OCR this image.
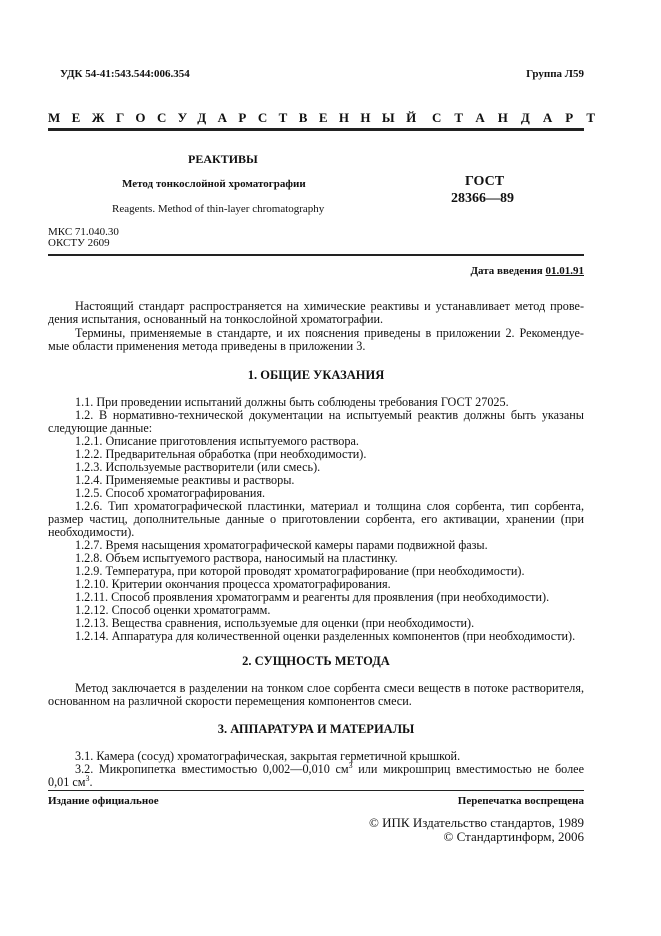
УДК 54-41:543.544:006.354	Группа Л59
МЕЖГОСУДАРСТВЕННЫЙ СТАНДАРТ
РЕАКТИВЫ
Метод тонкослойной хроматографии
Reagents. Method of thin-layer chromatography
ГОСТ
28366—89
МКС 71.040.30
ОКСТУ 2609
Дата введения 01.01.91
Настоящий стандарт распространяется на химические реактивы и устанавливает метод прове-дения испытания, основанный на тонкослойной хроматографии.
Термины, применяемые в стандарте, и их пояснения приведены в приложении 2. Рекомендуе-мые области применения метода приведены в приложении 3.
1. ОБЩИЕ УКАЗАНИЯ
1.1. При проведении испытаний должны быть соблюдены требования ГОСТ 27025.
1.2. В нормативно-технической документации на испытуемый реактив должны быть указаны следующие данные:
1.2.1. Описание приготовления испытуемого раствора.
1.2.2. Предварительная обработка (при необходимости).
1.2.3. Используемые растворители (или смесь).
1.2.4. Применяемые реактивы и растворы.
1.2.5. Способ хроматографирования.
1.2.6. Тип хроматографической пластинки, материал и толщина слоя сорбента, тип сорбента, размер частиц, дополнительные данные о приготовлении сорбента, его активации, хранении (при необходимости).
1.2.7. Время насыщения хроматографической камеры парами подвижной фазы.
1.2.8. Объем испытуемого раствора, наносимый на пластинку.
1.2.9. Температура, при которой проводят хроматографирование (при необходимости).
1.2.10. Критерии окончания процесса хроматографирования.
1.2.11. Способ проявления хроматограмм и реагенты для проявления (при необходимости).
1.2.12. Способ оценки хроматограмм.
1.2.13. Вещества сравнения, используемые для оценки (при необходимости).
1.2.14. Аппаратура для количественной оценки разделенных компонентов (при необходимости).
2. СУЩНОСТЬ МЕТОДА
Метод заключается в разделении на тонком слое сорбента смеси веществ в потоке растворителя, основанном на различной скорости перемещения компонентов смеси.
3. АППАРАТУРА И МАТЕРИАЛЫ
3.1. Камера (сосуд) хроматографическая, закрытая герметичной крышкой.
3.2. Микропипетка вместимостью 0,002—0,010 $см^3$ или микрошприц вместимостью не более 0,01 $см^3$.
Издание официальное	Перепечатка воспрещена
© ИПК Издательство стандартов, 1989
© Стандартинформ, 2006
